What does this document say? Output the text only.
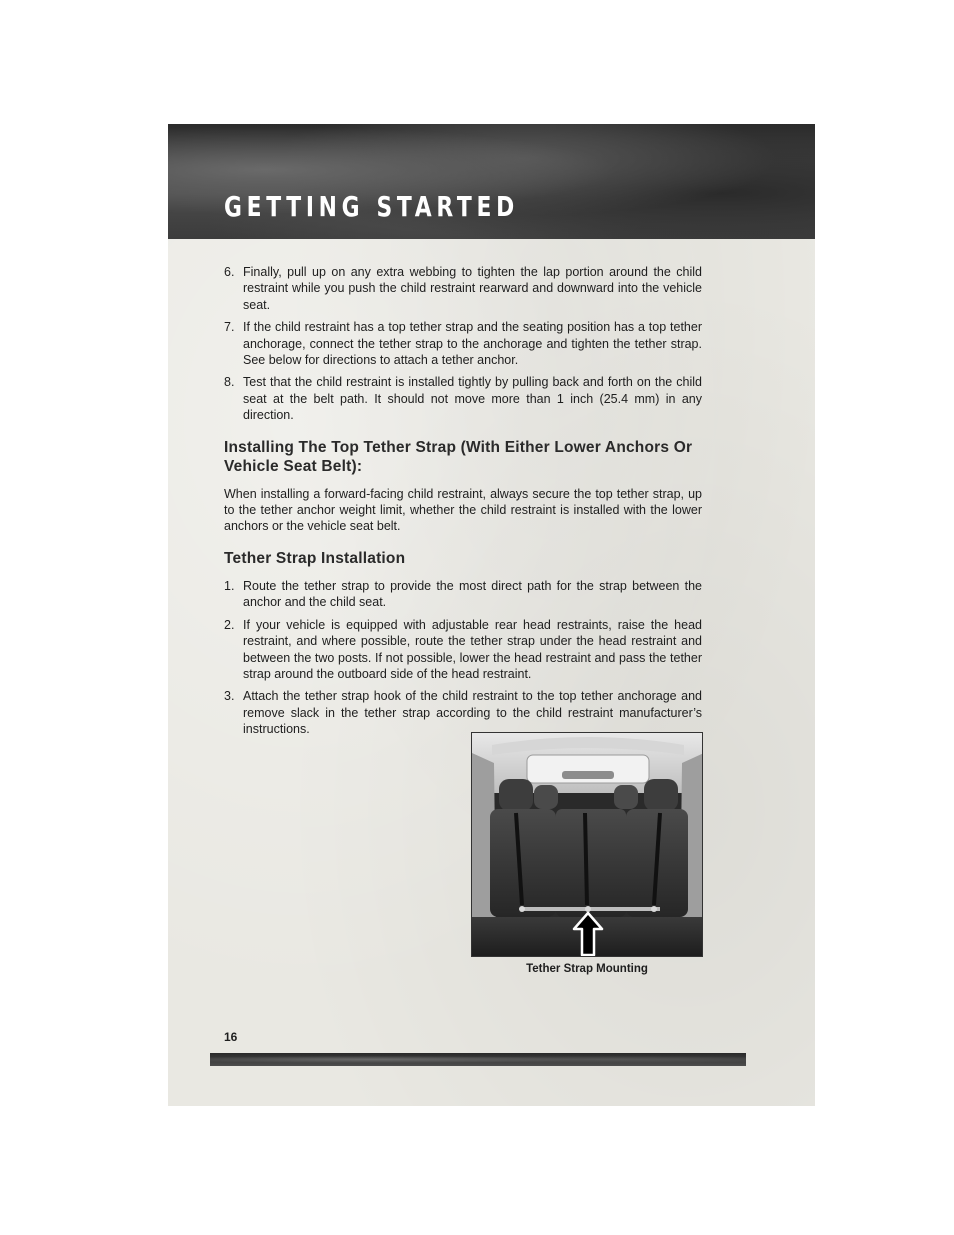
GETTING STARTED
6. Finally, pull up on any extra webbing to tighten the lap portion around the child restraint while you push the child restraint rearward and downward into the vehicle seat.
7. If the child restraint has a top tether strap and the seating position has a top tether anchorage, connect the tether strap to the anchorage and tighten the tether strap. See below for directions to attach a tether anchor.
8. Test that the child restraint is installed tightly by pulling back and forth on the child seat at the belt path. It should not move more than 1 inch (25.4 mm) in any direction.
Installing The Top Tether Strap (With Either Lower Anchors Or Vehicle Seat Belt):

When installing a forward-facing child restraint, always secure the top tether strap, up to the tether anchor weight limit, whether the child restraint is installed with the lower anchors or the vehicle seat belt.

Tether Strap Installation
1. Route the tether strap to provide the most direct path for the strap between the anchor and the child seat.
2. If your vehicle is equipped with adjustable rear head restraints, raise the head restraint, and where possible, route the tether strap under the head restraint and between the two posts. If not possible, lower the head restraint and pass the tether strap around the outboard side of the head restraint.
3. Attach the tether strap hook of the child restraint to the top tether anchorage and remove slack in the tether strap according to the child restraint manufacturer’s instructions.
Tether Strap Mounting
16
